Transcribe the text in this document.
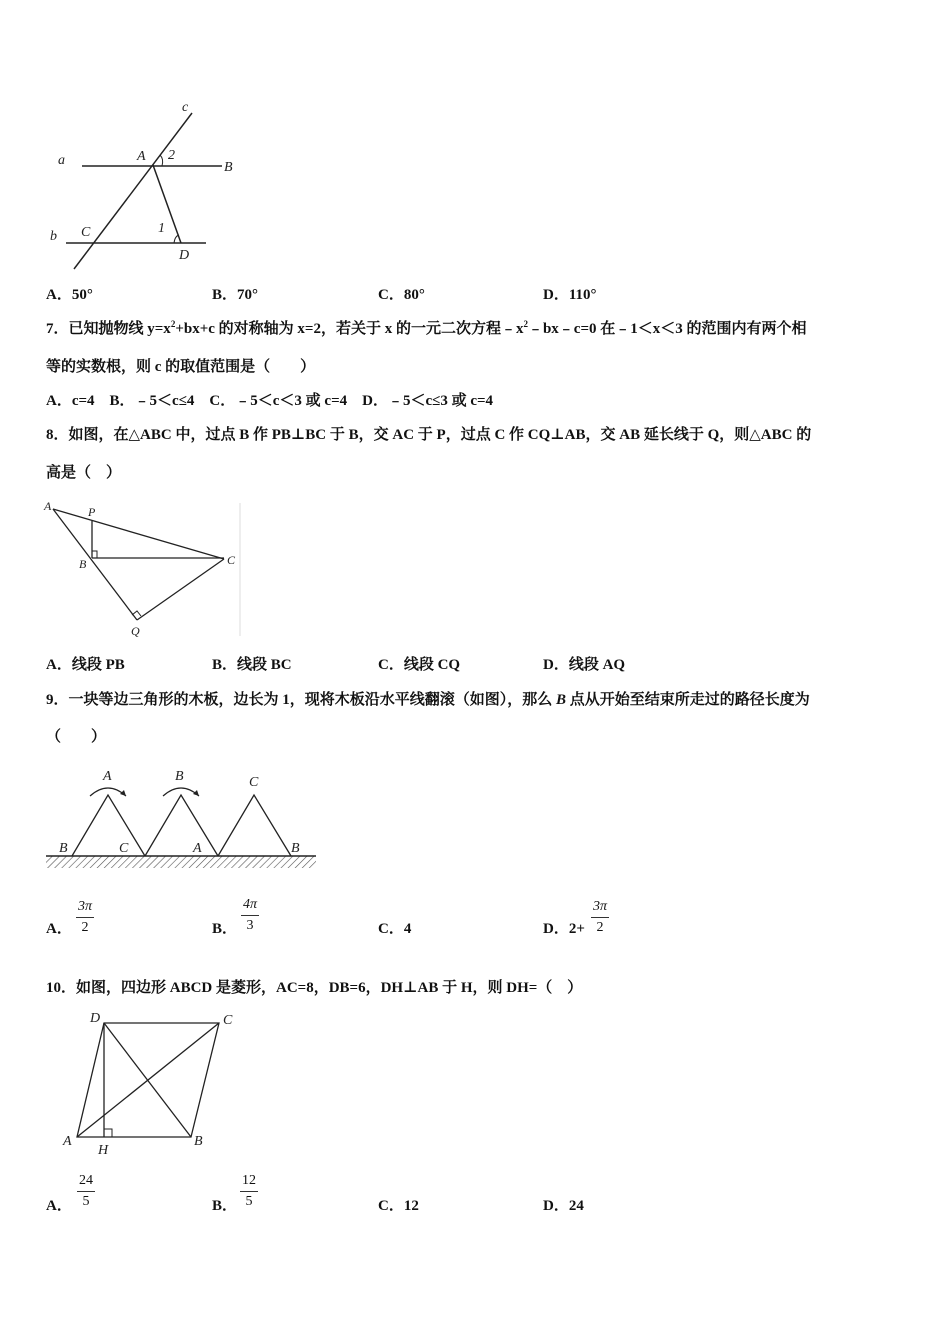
c
a	A 2
B
b C	1
D
A．50°	B．70°	C．80°	D．110°
7．已知抛物线 $y=x^2+bx+c$ 的对称轴为 x=2，若关于 x 的一元二次方程$﹣x^2﹣bx﹣c=0$ 在﹣1＜x＜3 的范围内有两个相
等的实数根，则 c 的取值范围是（　　）
A．c=4　B．﹣5＜c≤4　C．﹣5＜c＜3 或 c=4　D．﹣5＜c≤3 或 c=4
8．如图，在△ABC 中，过点 B 作 PB⊥BC 于 B，交 AC 于 P，过点 C 作 CQ⊥AB，交 AB 延长线于 Q，则△ABC 的
高是（　）
A	P
B	C
Q
A．线段 PB	B．线段 BC	C．线段 CQ	D．线段 AQ
9．一块等边三角形的木板，边长为 1，现将木板沿水平线翻滚（如图），那么 B 点从开始至结束所走过的路径长度为
（　　）
A	B	C
B	C	A	B
A．
3π
2	B．
4π
3	C．4	D．2+
3π
2
10．如图，四边形 ABCD 是菱形，AC=8，DB=6，DH⊥AB 于 H，则 DH=（　）
D	C
A	B
H
A．
24
5	B．
12
5	C．12	D．24
